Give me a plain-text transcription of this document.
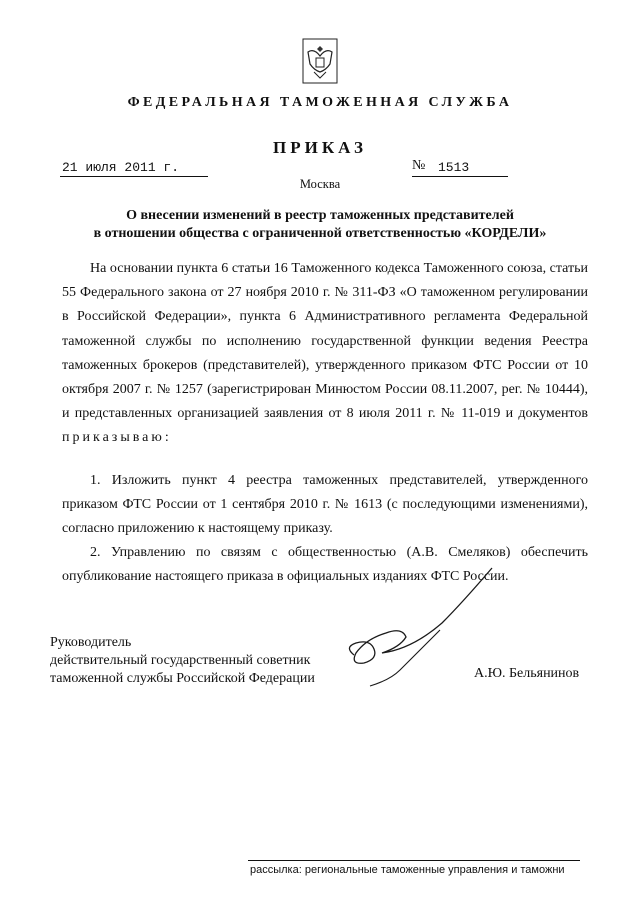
ФЕДЕРАЛЬНАЯ ТАМОЖЕННАЯ СЛУЖБА
ПРИКАЗ
21 июля 2011 г.	№ 1513
Москва
О внесении изменений в реестр таможенных представителей
в отношении общества с ограниченной ответственностью «КОРДЕЛИ»
На основании пункта 6 статьи 16 Таможенного кодекса Таможенного союза, статьи 55 Федерального закона от 27 ноября 2010 г. № 311-ФЗ «О таможенном регулировании в Российской Федерации», пункта 6 Административного регламента Федеральной таможенной службы по исполнению государственной функции ведения Реестра таможенных брокеров (представителей), утвержденного приказом ФТС России от 10 октября 2007 г. № 1257 (зарегистрирован Минюстом России 08.11.2007, рег. № 10444), и представленных организацией заявления от 8 июля 2011 г. № 11-019 и документов приказываю:
1. Изложить пункт 4 реестра таможенных представителей, утвержденного приказом ФТС России от 1 сентября 2010 г. № 1613 (с последующими изменениями), согласно приложению к настоящему приказу.
2. Управлению по связям с общественностью (А.В. Смеляков) обеспечить опубликование настоящего приказа в официальных изданиях ФТС России.
Руководитель
действительный государственный советник
таможенной службы Российской Федерации	А.Ю. Бельянинов
рассылка: региональные таможенные управления и таможни
